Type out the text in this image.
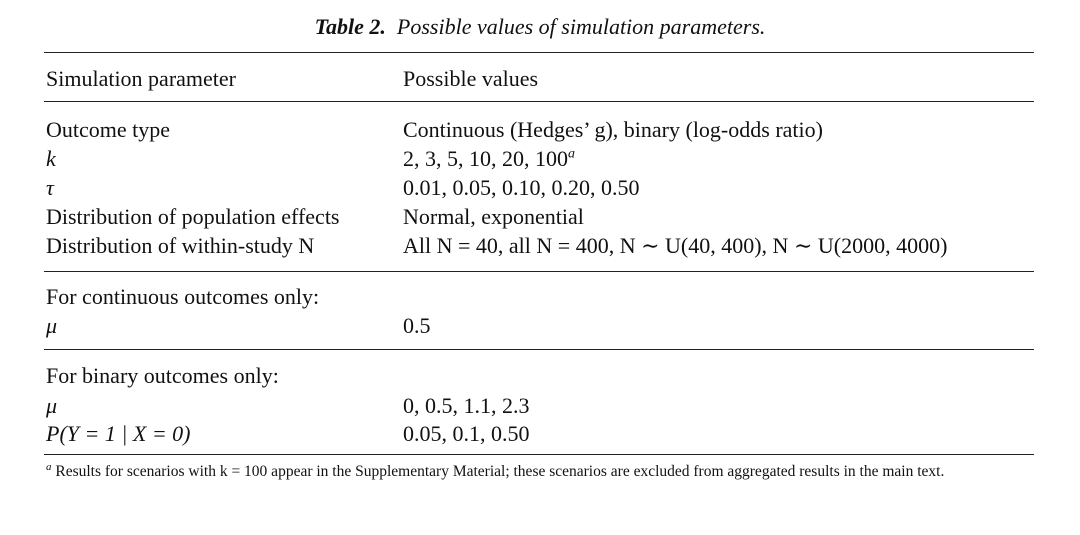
Table 2. Possible values of simulation parameters.
Simulation parameter	Possible values
Outcome type	Continuous (Hedges’ g), binary (log-odds ratio)
k	2, 3, 5, 10, 20, 100$^a$
τ	0.01, 0.05, 0.10, 0.20, 0.50
Distribution of population effects	Normal, exponential
Distribution of within-study N	All N = 40, all N = 400, N ∼ U(40, 400), N ∼ U(2000, 4000)
For continuous outcomes only:
μ	0.5
For binary outcomes only:
μ	0, 0.5, 1.1, 2.3
P(Y = 1 | X = 0)	0.05, 0.1, 0.50
$^a$ Results for scenarios with k = 100 appear in the Supplementary Material; these scenarios are excluded from aggregated results in the main text.
